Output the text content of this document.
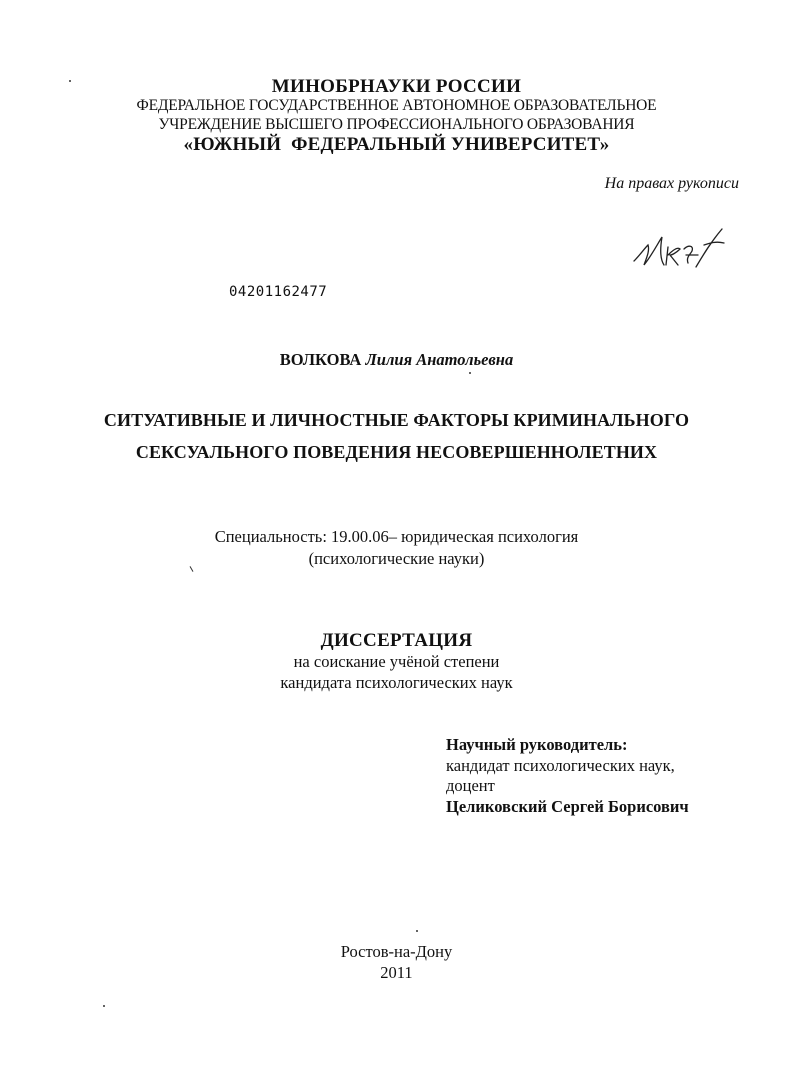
МИНОБРНАУКИ РОССИИ
ФЕДЕРАЛЬНОЕ ГОСУДАРСТВЕННОЕ АВТОНОМНОЕ ОБРАЗОВАТЕЛЬНОЕ
УЧРЕЖДЕНИЕ ВЫСШЕГО ПРОФЕССИОНАЛЬНОГО ОБРАЗОВАНИЯ
«ЮЖНЫЙ  ФЕДЕРАЛЬНЫЙ УНИВЕРСИТЕТ»
На правах рукописи
04201162477
ВОЛКОВА Лилия Анатольевна
СИТУАТИВНЫЕ И ЛИЧНОСТНЫЕ ФАКТОРЫ КРИМИНАЛЬНОГО
СЕКСУАЛЬНОГО ПОВЕДЕНИЯ НЕСОВЕРШЕННОЛЕТНИХ
Специальность: 19.00.06– юридическая психология
(психологические науки)
ДИССЕРТАЦИЯ
на соискание учёной степени
кандидата психологических наук
Научный руководитель:
кандидат психологических наук,
доцент
Целиковский Сергей Борисович
Ростов-на-Дону
2011
